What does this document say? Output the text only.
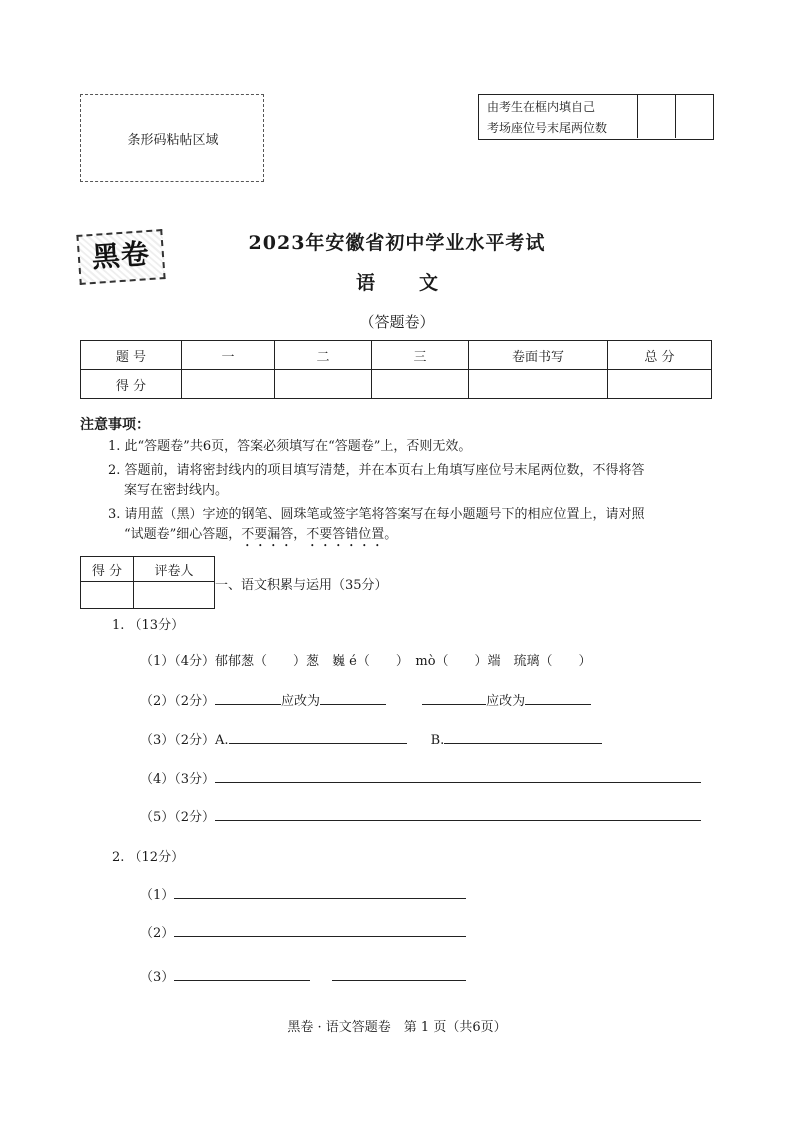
条形码粘帖区域
由考生在框内填自己
考场座位号末尾两位数
黑卷	2023年安徽省初中学业水平考试
语 文
（答题卷）
题 号	一	二	三	卷面书写	总 分
得 分					
注意事项：
1. 此“答题卷”共6页，答案必须填写在“答题卷”上，否则无效。
2. 答题前，请将密封线内的项目填写清楚，并在本页右上角填写座位号末尾两位数，不得将答
案写在密封线内。
3. 请用蓝（黑）字迹的钢笔、圆珠笔或签字笔将答案写在每小题题号下的相应位置上，请对照
“试题卷”细心答题，不要漏答，不要答错位置。
得 分	评卷人

一、语文积累与运用（35分）
1. （13分）
（1）（4分）郁郁葱（　　）葱　巍 é（　　）　mò（　　）端　琉璃（　　）
（2）（2分）	应改为	应改为
（3）（2分）A.	B.
（4）（3分）
（5）（2分）
2. （12分）
（1）
（2）
（3）
黑卷 · 语文答题卷　第 1 页（共6页）
